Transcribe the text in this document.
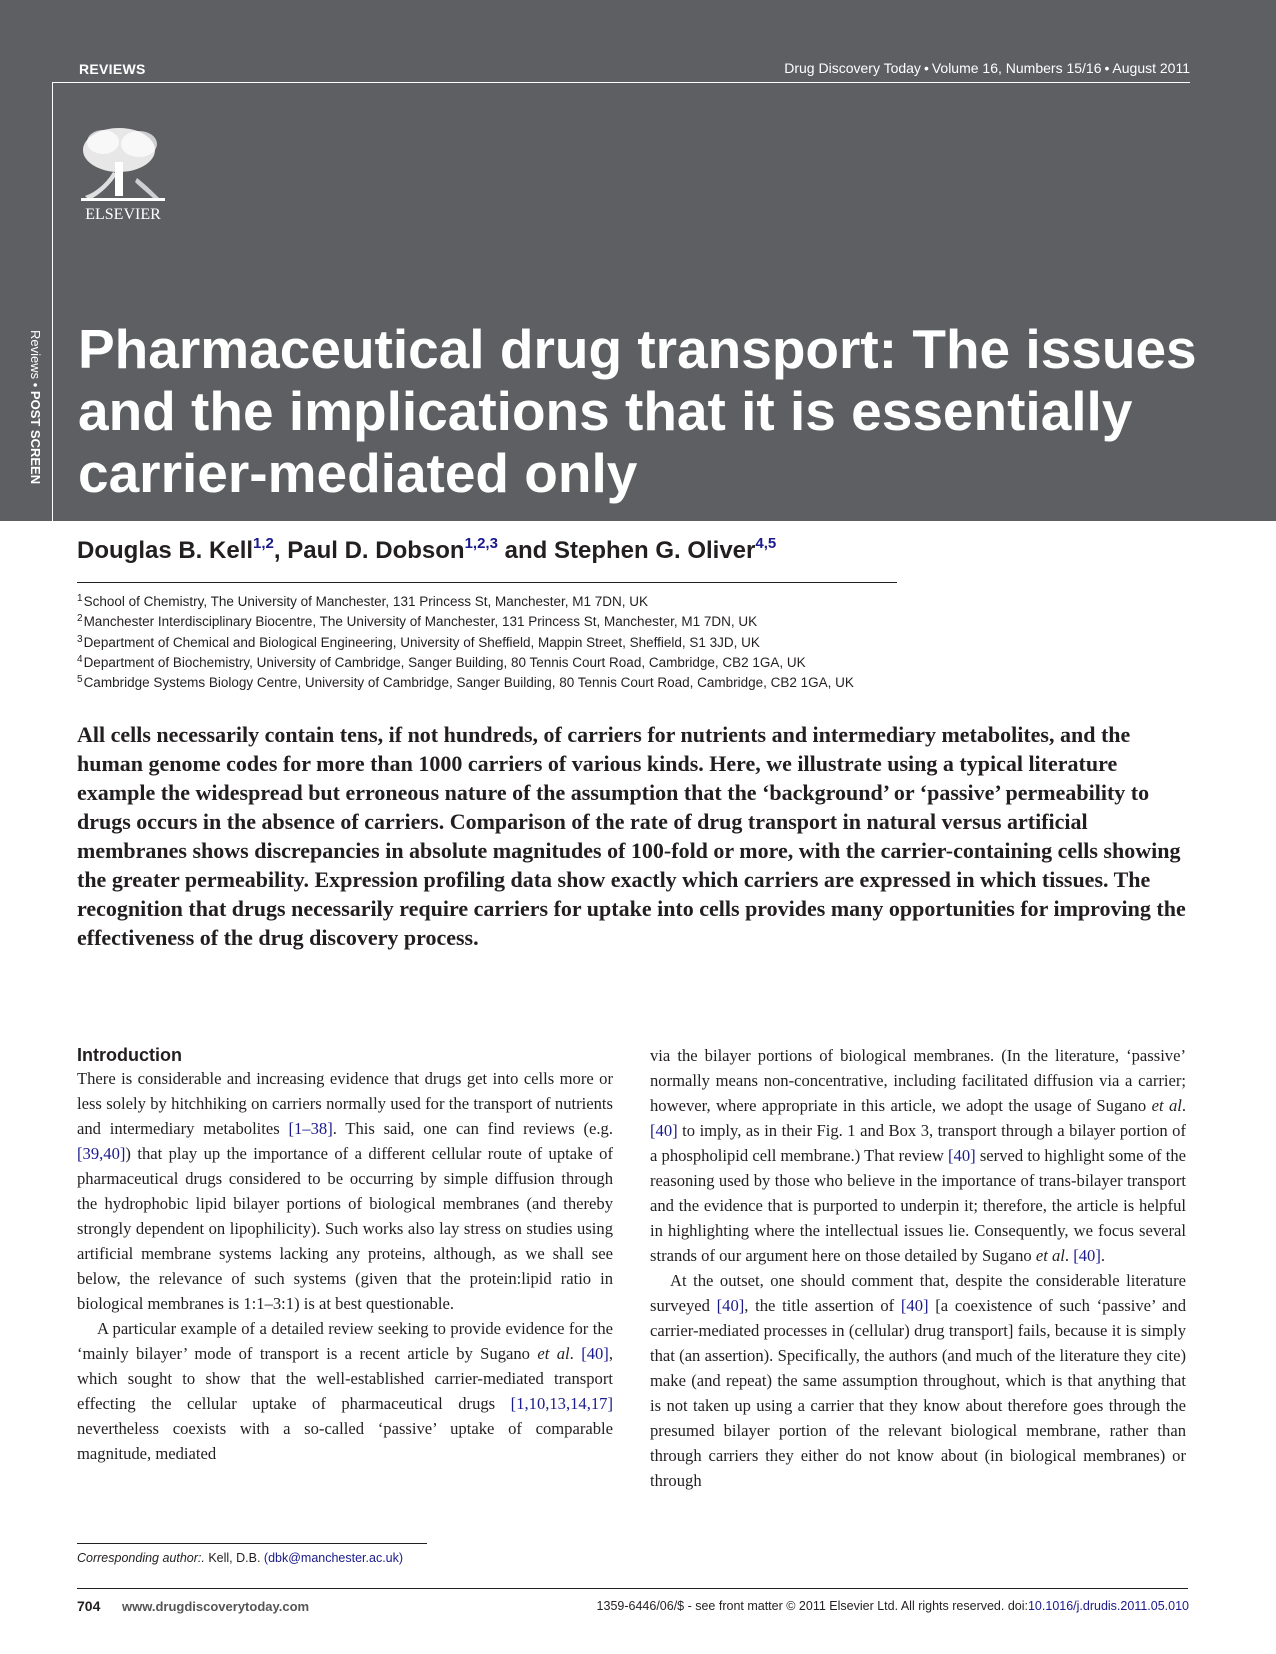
REVIEWS	Drug Discovery Today • Volume 16, Numbers 15/16 • August 2011
ELSEVIER
Reviews • POST SCREEN
Pharmaceutical drug transport: The issues and the implications that it is essentially carrier-mediated only
Douglas B. Kell$^{1,2}$, Paul D. Dobson$^{1,2,3}$ and Stephen G. Oliver$^{4,5}$
$^1$School of Chemistry, The University of Manchester, 131 Princess St, Manchester, M1 7DN, UK
$^2$Manchester Interdisciplinary Biocentre, The University of Manchester, 131 Princess St, Manchester, M1 7DN, UK
$^3$Department of Chemical and Biological Engineering, University of Sheffield, Mappin Street, Sheffield, S1 3JD, UK
$^4$Department of Biochemistry, University of Cambridge, Sanger Building, 80 Tennis Court Road, Cambridge, CB2 1GA, UK
$^5$Cambridge Systems Biology Centre, University of Cambridge, Sanger Building, 80 Tennis Court Road, Cambridge, CB2 1GA, UK

All cells necessarily contain tens, if not hundreds, of carriers for nutrients and intermediary metabolites, and the human genome codes for more than 1000 carriers of various kinds. Here, we illustrate using a typical literature example the widespread but erroneous nature of the assumption that the ‘background’ or ‘passive’ permeability to drugs occurs in the absence of carriers. Comparison of the rate of drug transport in natural versus artificial membranes shows discrepancies in absolute magnitudes of 100-fold or more, with the carrier-containing cells showing the greater permeability. Expression profiling data show exactly which carriers are expressed in which tissues. The recognition that drugs necessarily require carriers for uptake into cells provides many opportunities for improving the effectiveness of the drug discovery process.

Introduction

There is considerable and increasing evidence that drugs get into cells more or less solely by hitchhiking on carriers normally used for the transport of nutrients and intermediary metabolites [1–38]. This said, one can find reviews (e.g. [39,40]) that play up the importance of a different cellular route of uptake of pharmaceutical drugs considered to be occurring by simple diffusion through the hydrophobic lipid bilayer portions of biological membranes (and thereby strongly dependent on lipophilicity). Such works also lay stress on studies using artificial membrane systems lacking any proteins, although, as we shall see below, the relevance of such systems (given that the protein:lipid ratio in biological membranes is 1:1–3:1) is at best questionable.

A particular example of a detailed review seeking to provide evidence for the ‘mainly bilayer’ mode of transport is a recent article by Sugano et al. [40], which sought to show that the well-established carrier-mediated transport effecting the cellular uptake of pharmaceutical drugs [1,10,13,14,17] nevertheless coexists with a so-called ‘passive’ uptake of comparable magnitude, mediated

via the bilayer portions of biological membranes. (In the literature, ‘passive’ normally means non-concentrative, including facilitated diffusion via a carrier; however, where appropriate in this article, we adopt the usage of Sugano et al. [40] to imply, as in their Fig. 1 and Box 3, transport through a bilayer portion of a phospholipid cell membrane.) That review [40] served to highlight some of the reasoning used by those who believe in the importance of trans-bilayer transport and the evidence that is purported to underpin it; therefore, the article is helpful in highlighting where the intellectual issues lie. Consequently, we focus several strands of our argument here on those detailed by Sugano et al. [40].

At the outset, one should comment that, despite the considerable literature surveyed [40], the title assertion of [40] [a coexistence of such ‘passive’ and carrier-mediated processes in (cellular) drug transport] fails, because it is simply that (an assertion). Specifically, the authors (and much of the literature they cite) make (and repeat) the same assumption throughout, which is that anything that is not taken up using a carrier that they know about therefore goes through the presumed bilayer portion of the relevant biological membrane, rather than through carriers they either do not know about (in biological membranes) or through

Corresponding author:. Kell, D.B. (dbk@manchester.ac.uk)
704 www.drugdiscoverytoday.com	1359-6446/06/$ - see front matter © 2011 Elsevier Ltd. All rights reserved. doi:10.1016/j.drudis.2011.05.010
